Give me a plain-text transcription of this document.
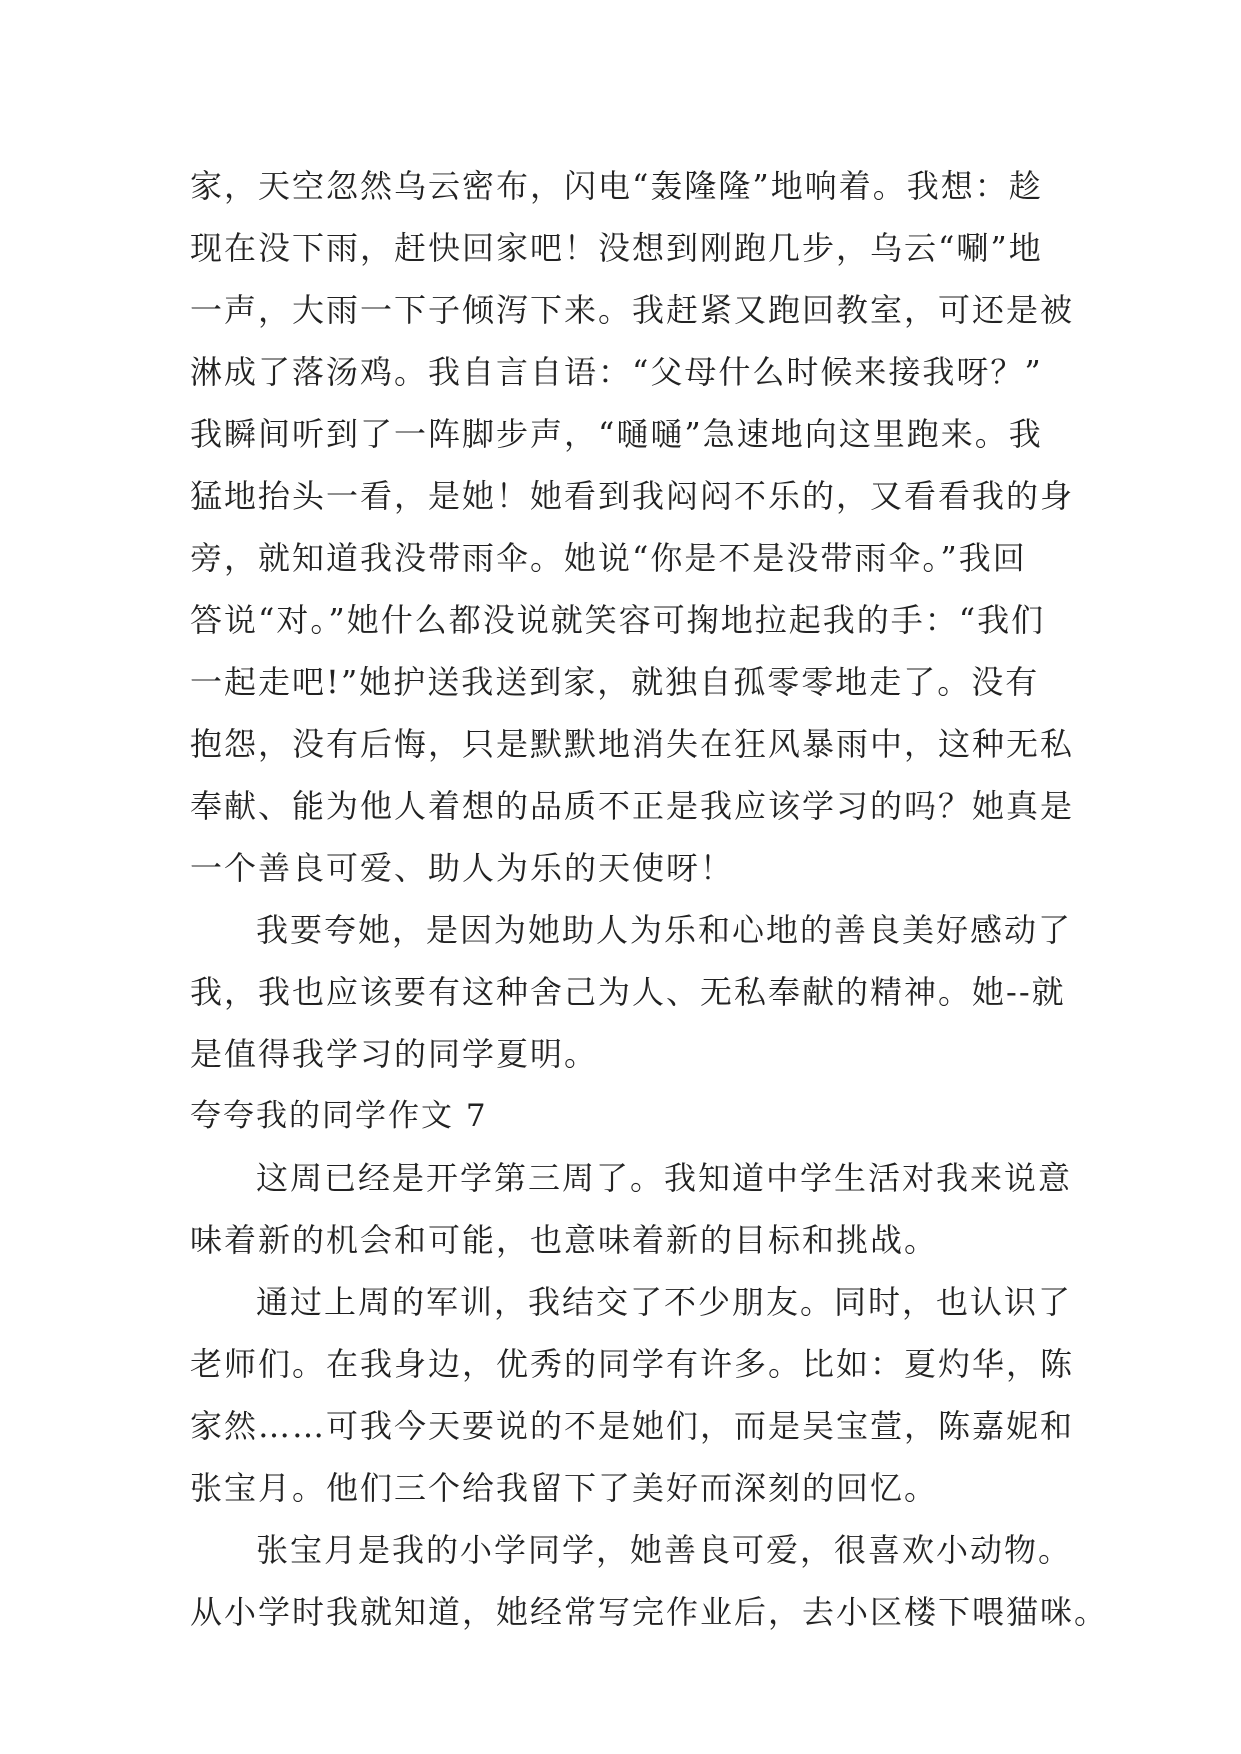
家，天空忽然乌云密布，闪电“轰隆隆”地响着。我想：趁
现在没下雨，赶快回家吧！没想到刚跑几步，乌云“唰”地
一声，大雨一下子倾泻下来。我赶紧又跑回教室，可还是被
淋成了落汤鸡。我自言自语：“父母什么时候来接我呀？”
我瞬间听到了一阵脚步声，“嗵嗵”急速地向这里跑来。我
猛地抬头一看，是她！她看到我闷闷不乐的，又看看我的身
旁，就知道我没带雨伞。她说“你是不是没带雨伞。”我回
答说“对。”她什么都没说就笑容可掬地拉起我的手：“我们
一起走吧!”她护送我送到家，就独自孤零零地走了。没有
抱怨，没有后悔，只是默默地消失在狂风暴雨中，这种无私
奉献、能为他人着想的品质不正是我应该学习的吗？她真是
一个善良可爱、助人为乐的天使呀！
我要夸她，是因为她助人为乐和心地的善良美好感动了
我，我也应该要有这种舍己为人、无私奉献的精神。她--就
是值得我学习的同学夏明。
夸夸我的同学作文 7
这周已经是开学第三周了。我知道中学生活对我来说意
味着新的机会和可能，也意味着新的目标和挑战。
通过上周的军训，我结交了不少朋友。同时，也认识了
老师们。在我身边，优秀的同学有许多。比如：夏灼华，陈
家然……可我今天要说的不是她们，而是吴宝萱，陈嘉妮和
张宝月。他们三个给我留下了美好而深刻的回忆。
张宝月是我的小学同学，她善良可爱，很喜欢小动物。
从小学时我就知道，她经常写完作业后，去小区楼下喂猫咪。
